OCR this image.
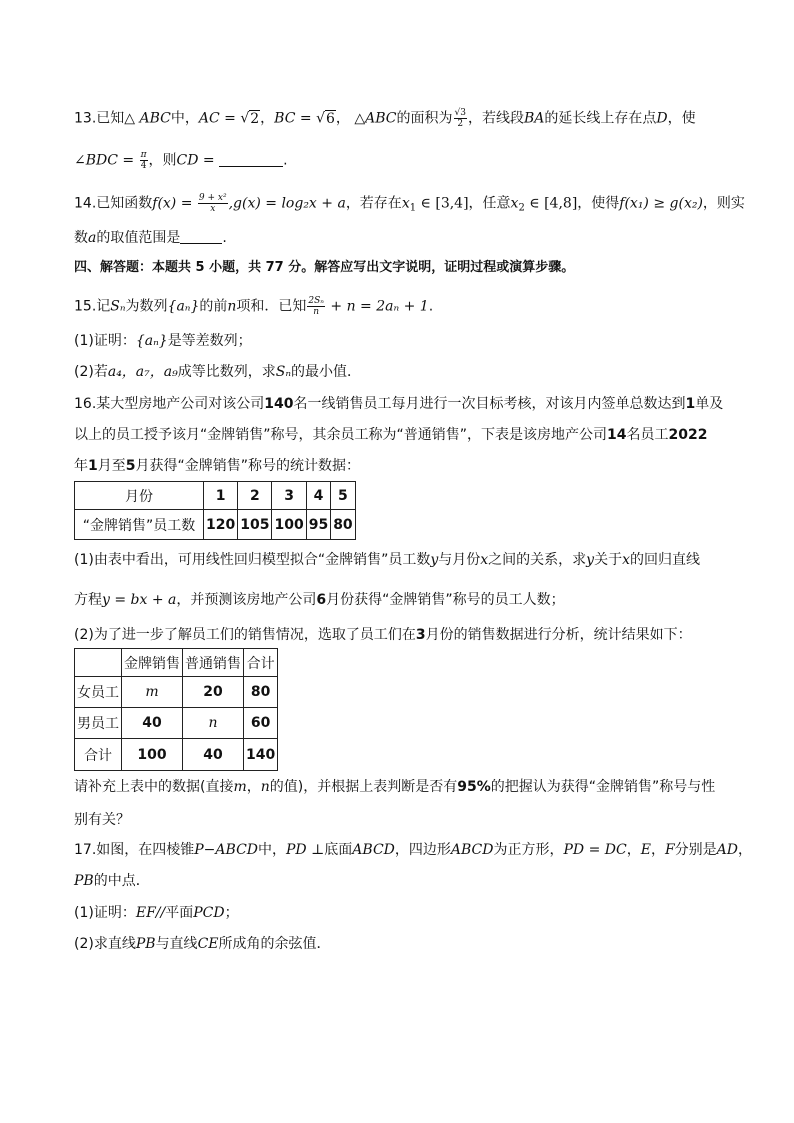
13.已知△ ABC中，AC = √2，BC = √6， △ABC的面积为 $\frac{√3}{2}$ ，若线段BA的延长线上存在点D，使
∠BDC = $\frac{\pi}{4}$ ，则CD =	.
14.已知函数$f(x) = \frac{\text{9 + x²}}{x} ,g(x) = \log_2x + a$，若存在$x_1$ ∈ [3,4]，任意$x_2$ ∈ [4,8]，使得f(x₁) ≥ g(x₂)，则实
数a的取值范围是	.
四、解答题：本题共 5 小题，共 77 分。解答应写出文字说明，证明过程或演算步骤。
15.记Sₙ为数列{aₙ}的前n项和．已知 $\frac{\text{2Sₙ}}{n} + n = 2a_n + 1$.
(1)证明：{aₙ}是等差数列；
(2)若a₄，a₇，a₉成等比数列，求Sₙ的最小值．
16.某大型房地产公司对该公司140名一线销售员工每月进行一次目标考核，对该月内签单总数达到1单及
以上的员工授予该月“金牌销售”称号，其余员工称为“普通销售”，下表是该房地产公司14名员工2022
年1月至5月获得“金牌销售”称号的统计数据：
月份	1	2	3	4	5
“金牌销售”员工数	120	105	100	95	80
(1)由表中看出，可用线性回归模型拟合“金牌销售”员工数y与月份x之间的关系，求y关于x的回归直线
方程y = bx + a，并预测该房地产公司6月份获得“金牌销售”称号的员工人数；
(2)为了进一步了解员工们的销售情况，选取了员工们在3月份的销售数据进行分析，统计结果如下：
	金牌销售	普通销售	合计
女员工	m	20	80
男员工	40	n	60
合计	100	40	140
请补充上表中的数据(直接m，n的值)，并根据上表判断是否有95%的把握认为获得“金牌销售”称号与性
别有关？
17.如图，在四棱锥P−ABCD中，PD ⊥底面ABCD，四边形ABCD为正方形，PD = DC，E，F分别是AD，
PB的中点．
(1)证明：EF//平面PCD；
(2)求直线PB与直线CE所成角的余弦值．
